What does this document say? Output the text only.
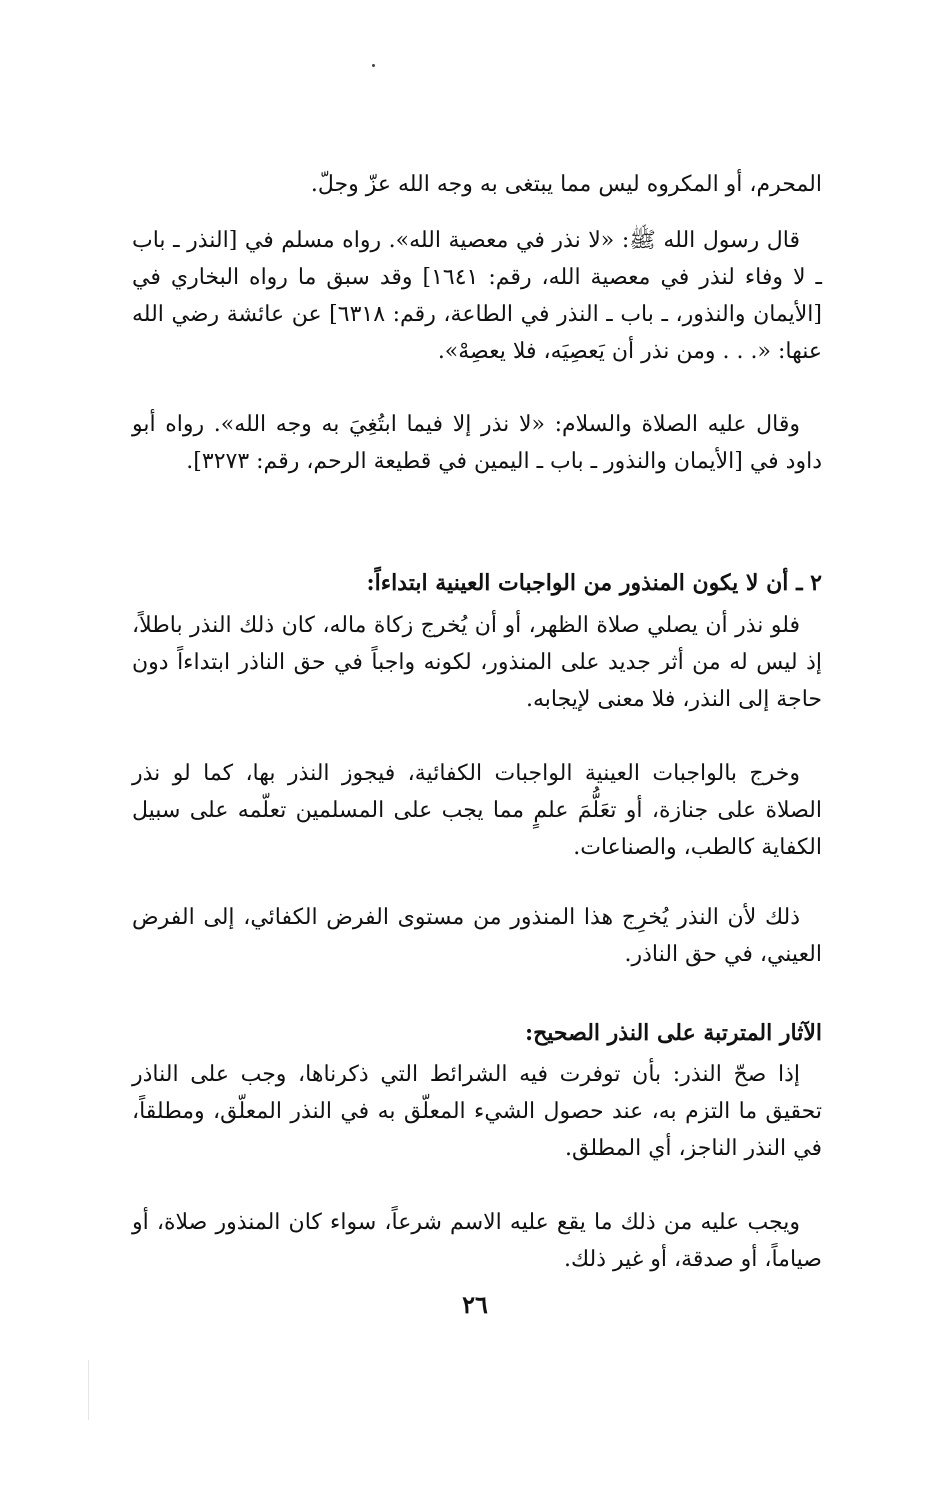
المحرم، أو المكروه ليس مما يبتغى به وجه الله عزّ وجلّ.

قال رسول الله ﷺ: «لا نذر في معصية الله». رواه مسلم في [النذر ـ باب ـ لا وفاء لنذر في معصية الله، رقم: ١٦٤١] وقد سبق ما رواه البخاري في [الأيمان والنذور، ـ باب ـ النذر في الطاعة، رقم: ٦٣١٨] عن عائشة رضي الله عنها: «. . . ومن نذر أن يَعصِيَه، فلا يعصِهْ».

وقال عليه الصلاة والسلام: «لا نذر إلا فيما ابتُغِيَ به وجه الله». رواه أبو داود في [الأيمان والنذور ـ باب ـ اليمين في قطيعة الرحم، رقم: ٣٢٧٣].

٢ ـ أن لا يكون المنذور من الواجبات العينية ابتداءاً:

فلو نذر أن يصلي صلاة الظهر، أو أن يُخرج زكاة ماله، كان ذلك النذر باطلاً، إذ ليس له من أثر جديد على المنذور، لكونه واجباً في حق الناذر ابتداءاً دون حاجة إلى النذر، فلا معنى لإيجابه.

وخرج بالواجبات العينية الواجبات الكفائية، فيجوز النذر بها، كما لو نذر الصلاة على جنازة، أو تعَلُّمَ علمٍ مما يجب على المسلمين تعلّمه على سبيل الكفاية كالطب، والصناعات.

ذلك لأن النذر يُخرِج هذا المنذور من مستوى الفرض الكفائي، إلى الفرض العيني، في حق الناذر.

الآثار المترتبة على النذر الصحيح:

إذا صحّ النذر: بأن توفرت فيه الشرائط التي ذكرناها، وجب على الناذر تحقيق ما التزم به، عند حصول الشيء المعلّق به في النذر المعلّق، ومطلقاً، في النذر الناجز، أي المطلق.

ويجب عليه من ذلك ما يقع عليه الاسم شرعاً، سواء كان المنذور صلاة، أو صياماً، أو صدقة، أو غير ذلك.

٢٦
